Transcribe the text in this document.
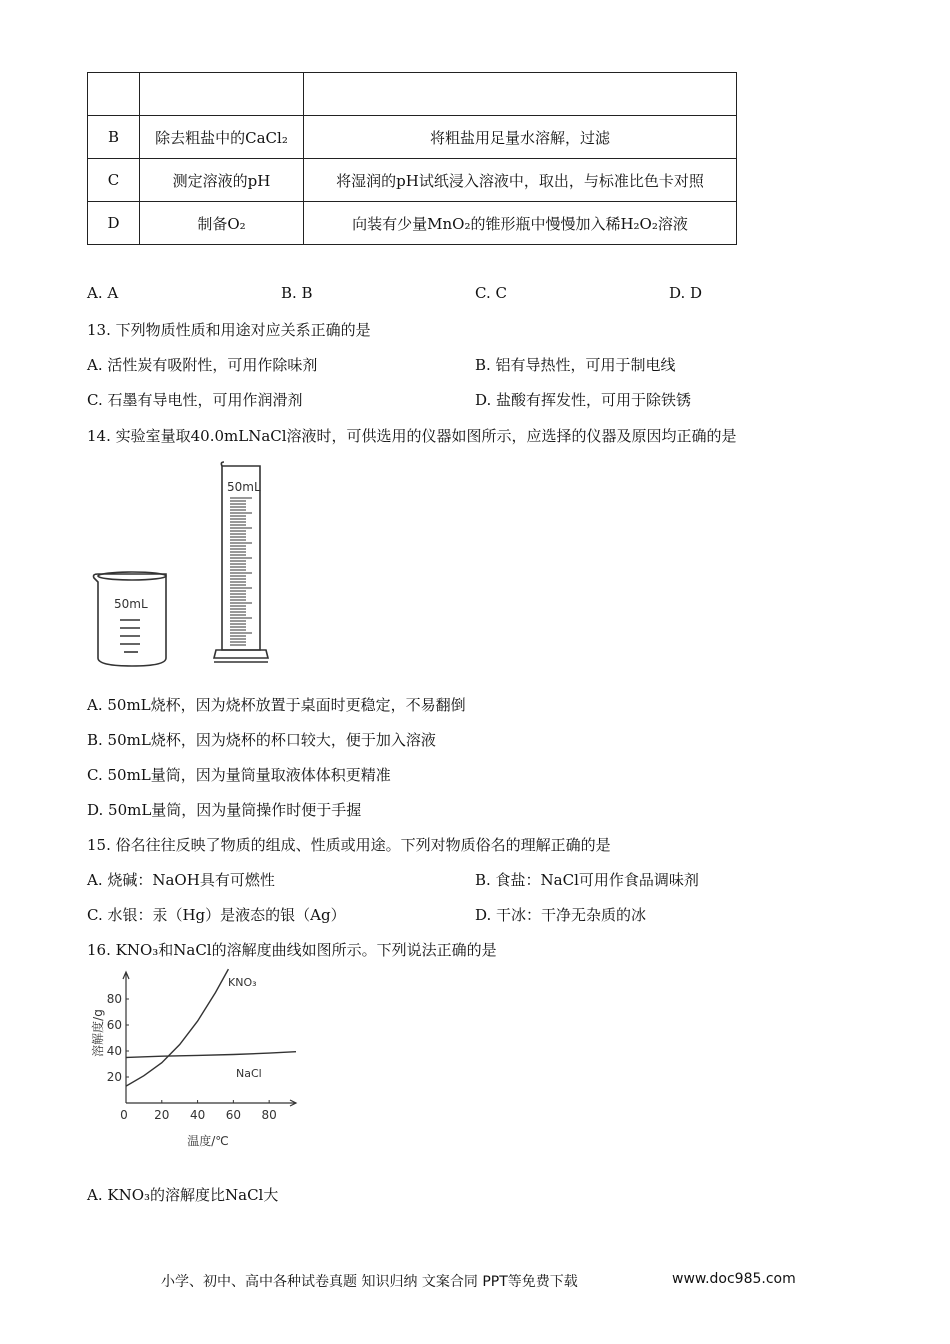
B	除去粗盐中的CaCl₂	将粗盐用足量水溶解，过滤
C	测定溶液的pH	将湿润的pH试纸浸入溶液中，取出，与标准比色卡对照
D	制备O₂	向装有少量MnO₂的锥形瓶中慢慢加入稀H₂O₂溶液
A. A	B. B	C. C	D. D
13. 下列物质性质和用途对应关系正确的是
A. 活性炭有吸附性，可用作除味剂	B. 铝有导热性，可用于制电线
C. 石墨有导电性，可用作润滑剂	D. 盐酸有挥发性，可用于除铁锈
14. 实验室量取40.0mLNaCl溶液时，可供选用的仪器如图所示，应选择的仪器及原因均正确的是
50mL
50mL
A. 50mL烧杯，因为烧杯放置于桌面时更稳定，不易翻倒
B. 50mL烧杯，因为烧杯的杯口较大，便于加入溶液
C. 50mL量筒，因为量筒量取液体体积更精准
D. 50mL量筒，因为量筒操作时便于手握
15. 俗名往往反映了物质的组成、性质或用途。下列对物质俗名的理解正确的是
A. 烧碱：NaOH具有可燃性	B. 食盐：NaCl可用作食品调味剂
C. 水银：汞（Hg）是液态的银（Ag）	D. 干冰：干净无杂质的冰
16. KNO₃和NaCl的溶解度曲线如图所示。下列说法正确的是
0 20 40 60 80
20
40
60
80
KNO₃
NaCl
溶解度/g
温度/℃
A. KNO₃的溶解度比NaCl大
小学、初中、高中各种试卷真题 知识归纳 文案合同 PPT等免费下载	www.doc985.com
